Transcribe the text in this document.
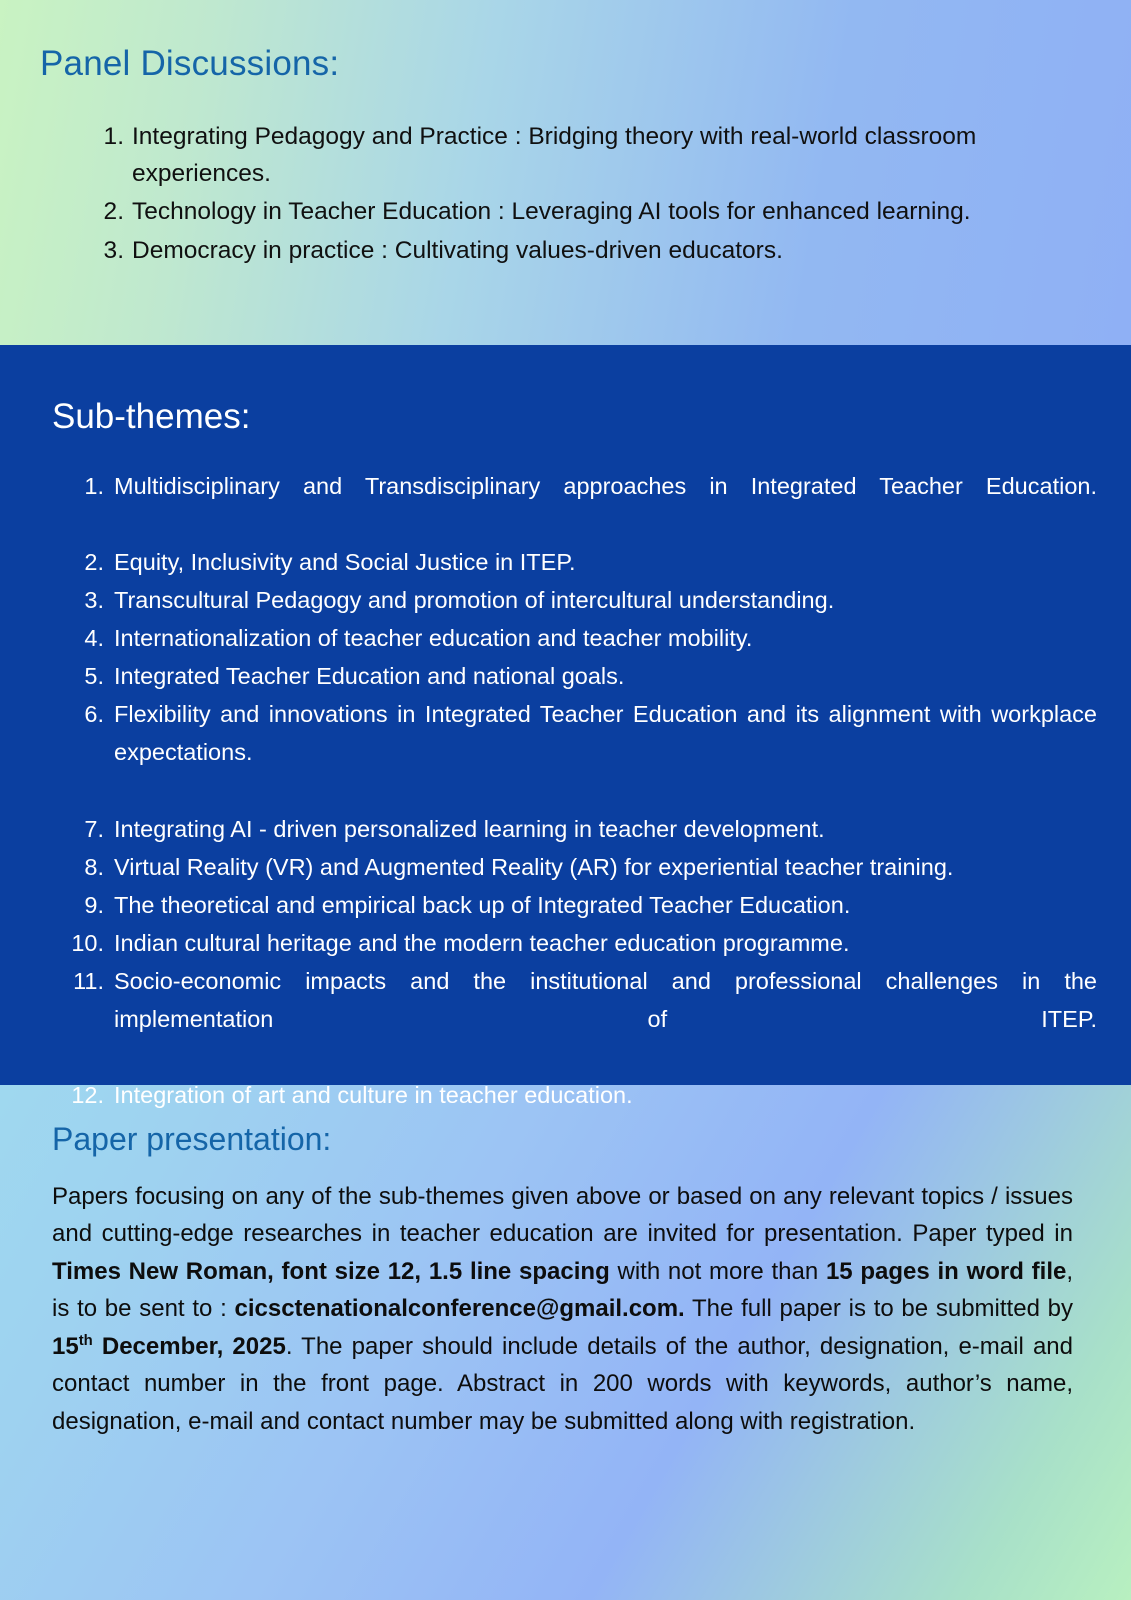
Panel Discussions:
Integrating Pedagogy and Practice : Bridging theory with real-world classroom experiences.
Technology in Teacher Education : Leveraging AI tools for enhanced learning.
Democracy in practice : Cultivating values-driven educators.
Sub-themes:
Multidisciplinary and Transdisciplinary approaches in Integrated Teacher Education.
Equity, Inclusivity and Social Justice in ITEP.
Transcultural Pedagogy and promotion of intercultural understanding.
Internationalization of teacher education and teacher mobility.
Integrated Teacher Education and national goals.
Flexibility and innovations in Integrated Teacher Education and its alignment with workplace expectations.
Integrating AI - driven personalized learning in teacher development.
Virtual Reality (VR) and Augmented Reality (AR) for experiential teacher training.
The theoretical and empirical back up of Integrated Teacher Education.
Indian cultural heritage and the modern teacher education programme.
Socio-economic impacts and the institutional and professional challenges in the implementation of ITEP.
Integration of art and culture in teacher education.
Paper presentation:

Papers focusing on any of the sub-themes given above or based on any relevant topics / issues and cutting-edge researches in teacher education are invited for presentation. Paper typed in Times New Roman, font size 12, 1.5 line spacing with not more than 15 pages in word file, is to be sent to : cicsctenationalconference@gmail.com. The full paper is to be submitted by 15th December, 2025. The paper should include details of the author, designation, e-mail and contact number in the front page. Abstract in 200 words with keywords, author’s name, designation, e-mail and contact number may be submitted along with registration.
